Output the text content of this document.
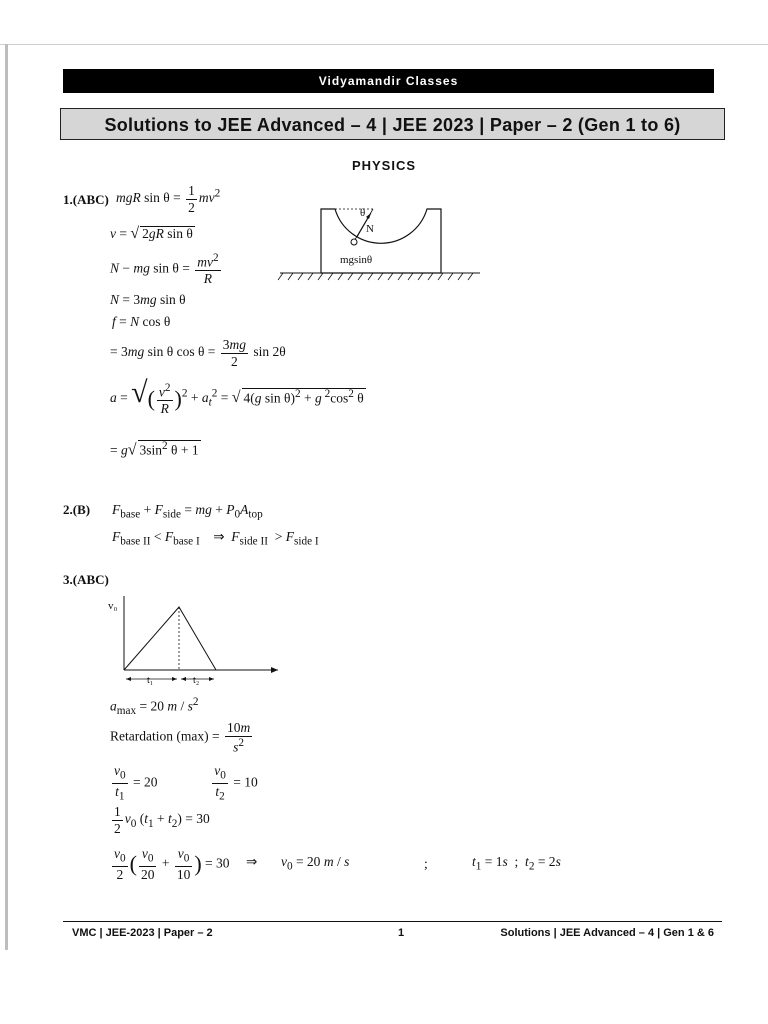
Vidyamandir Classes
Solutions to JEE Advanced – 4 | JEE 2023 | Paper – 2 (Gen 1 to 6)
PHYSICS
1.(ABC) mgR $\sin \theta = \frac{1}{2} mv^2$
v = √ 2gR sin θ
N − mg $\sin \theta = \frac{mv^2}{R}$
N = 3mg sin θ
f = N cos θ
= 3mg sin θ $\cos \theta = \frac{3mg}{2}$ sin 2θ
a = √( $\frac{v^2}{R} )^2 + a_t^2$ = √ 4(g sin θ)$^2$ + g $^2\cos^2$ θ
= g√ $3\sin^2$ θ + 1
θ
N
mgsinθ
2.(B) $F_{base} + F_{side}$ = mg + $P_0A_{top}$
$F_{base II} < F_{base I}$    ⇒  $F_{side II} > F_{side I}$
3.(ABC)
v₀
t₁	t₂
$a_{max} = 20$ m / $s^2$
Retardation $(\max) = \frac{10m}{s^2}$
$\frac{v_0}{t_1} = 20$	$\frac{v_0}{t_2} = 10$
$\frac{1}{2} v_0$ $(t_1 + t_2) = 30$
$\frac{v_0}{2}$ ( $\frac{v_0}{20} + \frac{v_0}{10}$ ) = 30 ⇒       $v_0 = 20$ m / s	;	$t_1 = 1s$  ;  $t_2 = 2s$
VMC | JEE-2023 | Paper – 2	1	Solutions | JEE Advanced – 4 | Gen 1 & 6
